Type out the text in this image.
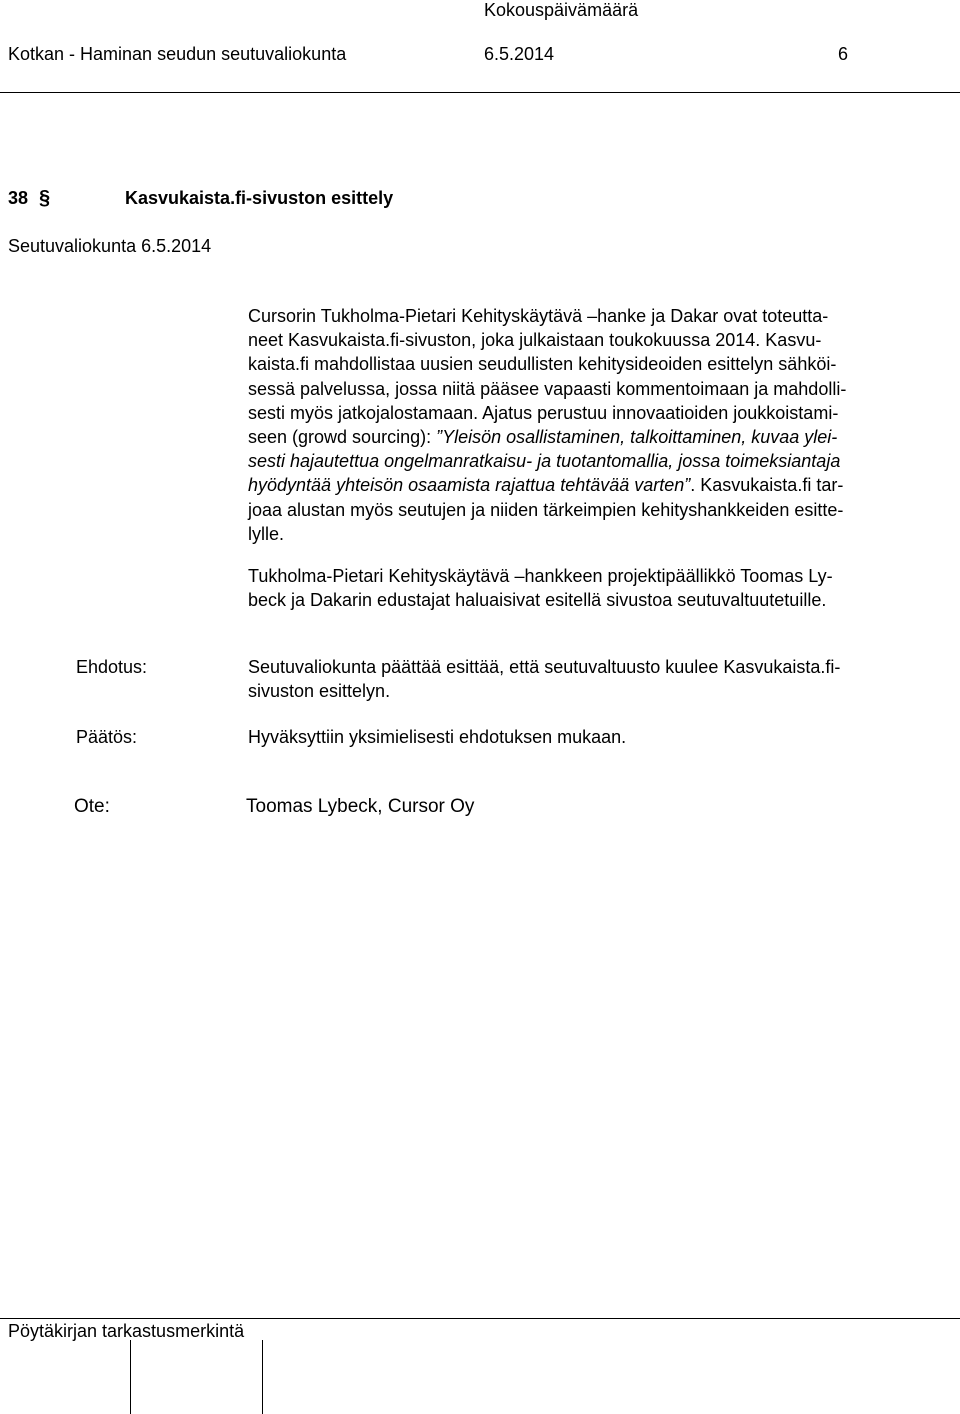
Kokouspäivämäärä
Kotkan - Haminan seudun seutuvaliokunta	6.5.2014	6
38 §	Kasvukaista.fi-sivuston esittely
Seutuvaliokunta 6.5.2014
Cursorin Tukholma-Pietari Kehityskäytävä –hanke ja Dakar ovat toteutta-
neet Kasvukaista.fi-sivuston, joka julkaistaan toukokuussa 2014. Kasvu-
kaista.fi mahdollistaa uusien seudullisten kehitysideoiden esittelyn sähköi-
sessä palvelussa, jossa niitä pääsee vapaasti kommentoimaan ja mahdolli-
sesti myös jatkojalostamaan. Ajatus perustuu innovaatioiden joukkoistami-
seen (growd sourcing): ”Yleisön osallistaminen, talkoittaminen, kuvaa ylei-
sesti hajautettua ongelmanratkaisu- ja tuotantomallia, jossa toimeksiantaja
hyödyntää yhteisön osaamista rajattua tehtävää varten”. Kasvukaista.fi tar-
joaa alustan myös seutujen ja niiden tärkeimpien kehityshankkeiden esitte-
lylle.
Tukholma-Pietari Kehityskäytävä –hankkeen projektipäällikkö Toomas Ly-
beck ja Dakarin edustajat haluaisivat esitellä sivustoa seutuvaltuutetuille.
Ehdotus:	Seutuvaliokunta päättää esittää, että seutuvaltuusto kuulee Kasvukaista.fi-
sivuston esittelyn.
Päätös:	Hyväksyttiin yksimielisesti ehdotuksen mukaan.
Ote:	Toomas Lybeck, Cursor Oy
Pöytäkirjan tarkastusmerkintä
